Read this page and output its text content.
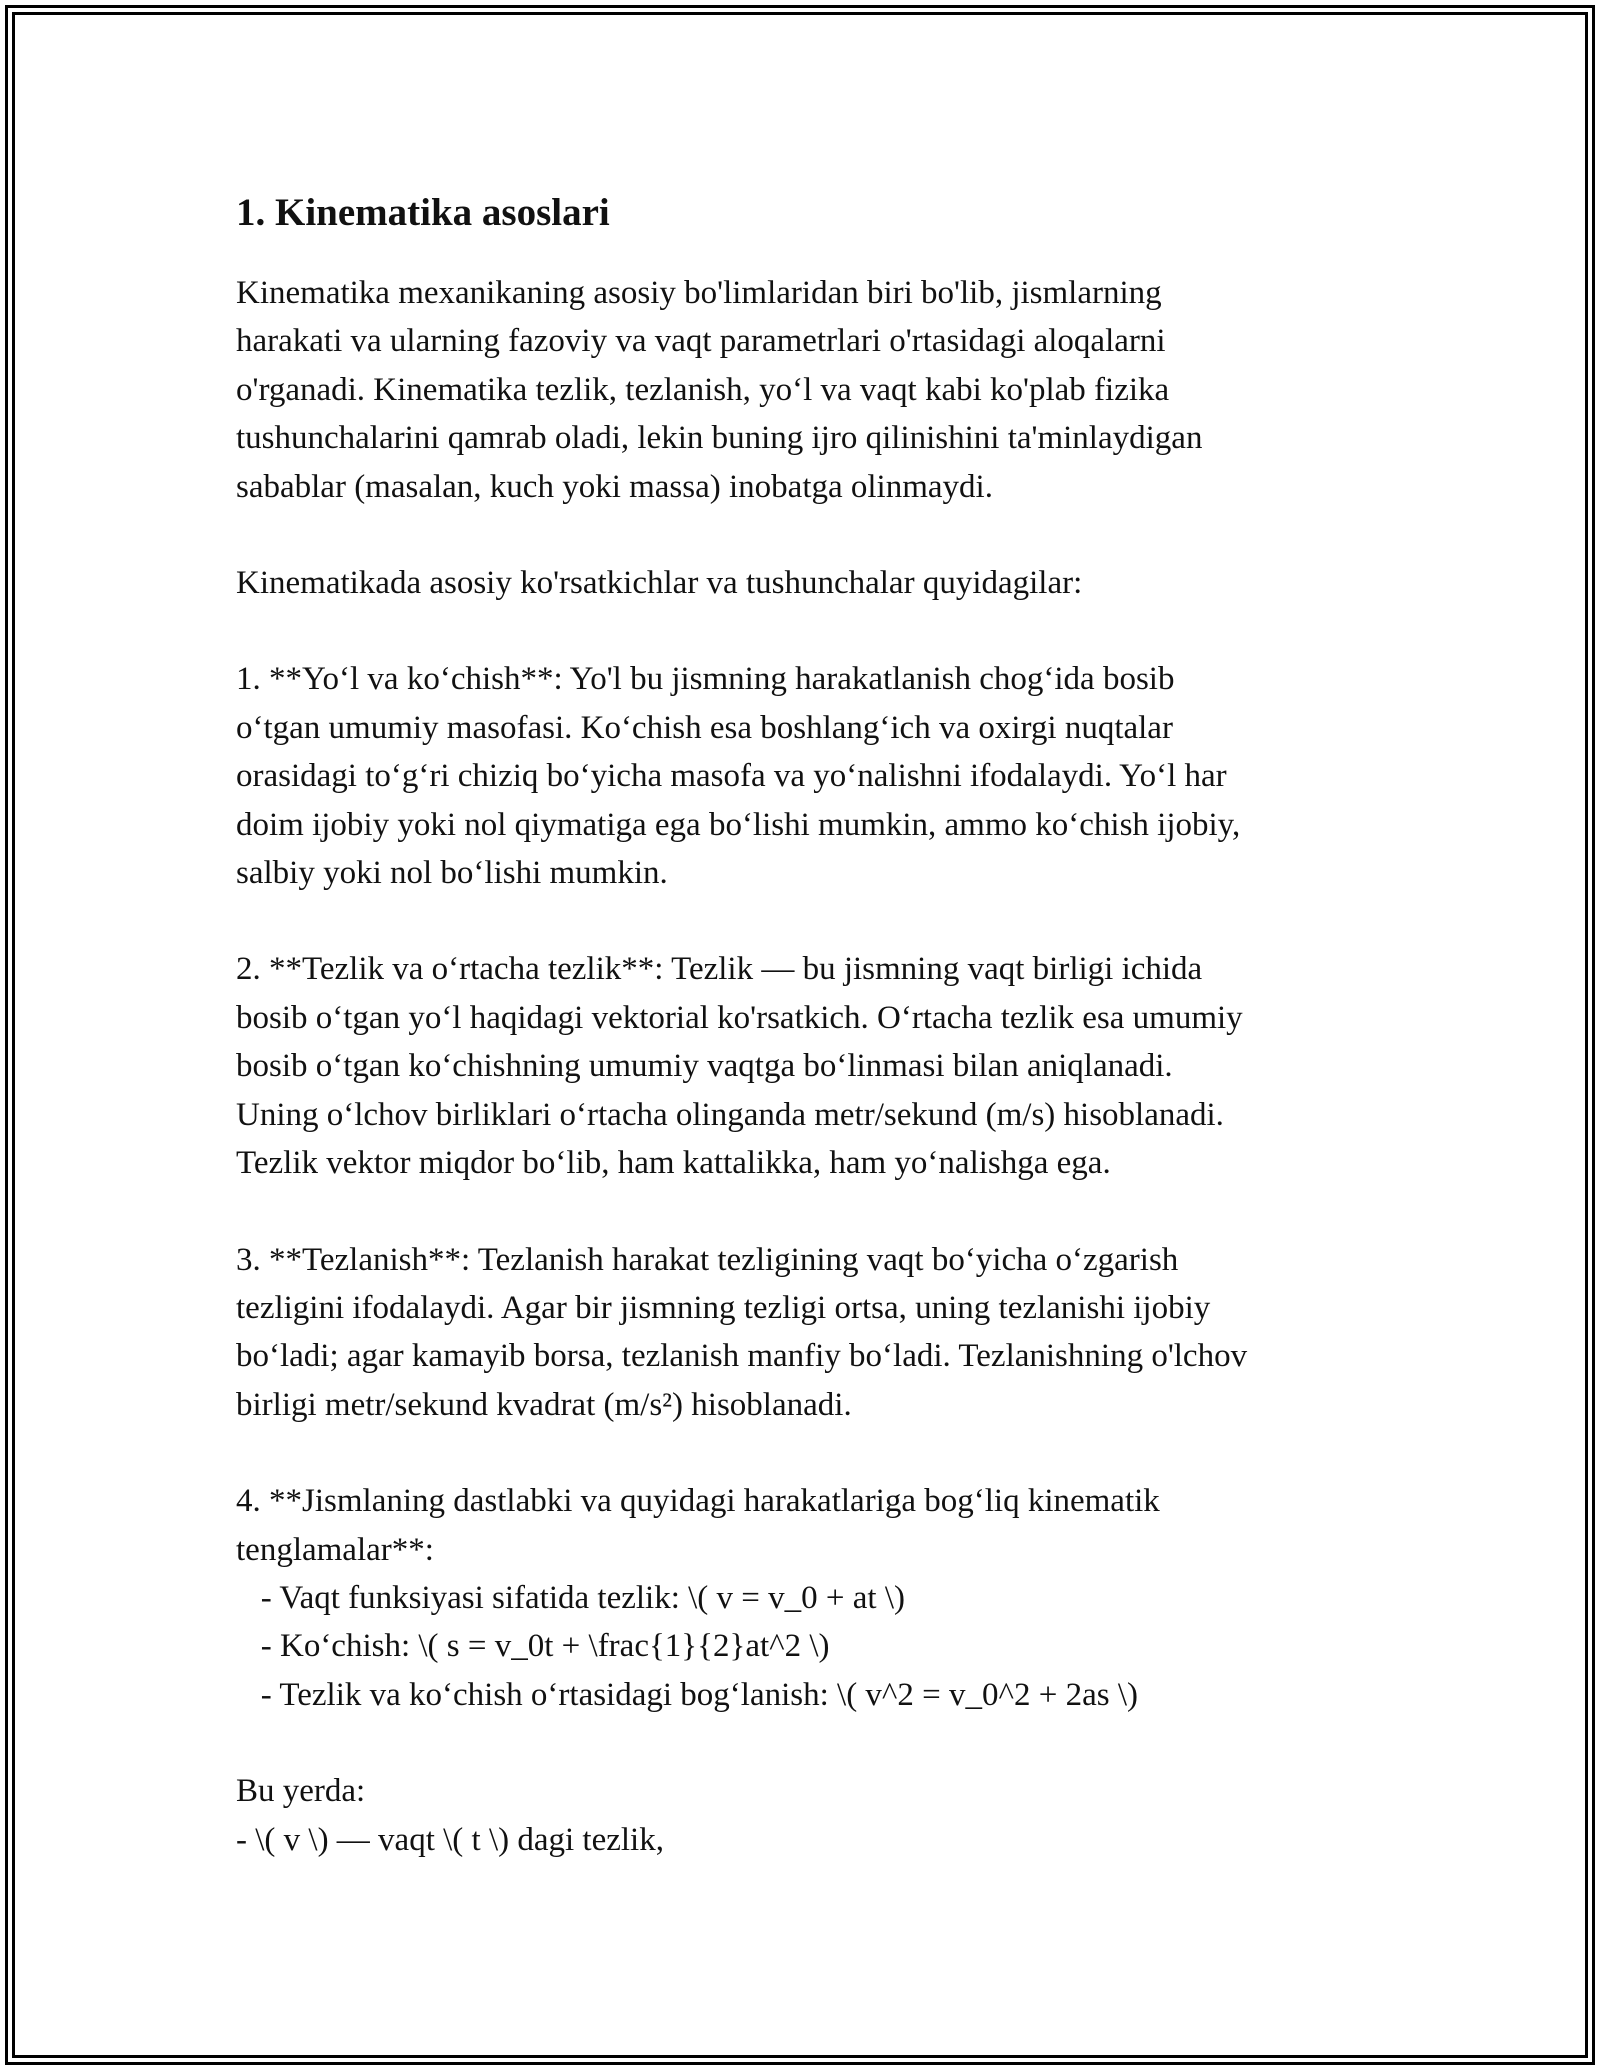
1. Kinematika asoslari

Kinematika mexanikaning asosiy bo'limlaridan biri bo'lib, jismlarning
harakati va ularning fazoviy va vaqt parametrlari o'rtasidagi aloqalarni
o'rganadi. Kinematika tezlik, tezlanish, yo‘l va vaqt kabi ko'plab fizika
tushunchalarini qamrab oladi, lekin buning ijro qilinishini ta'minlaydigan
sabablar (masalan, kuch yoki massa) inobatga olinmaydi.

Kinematikada asosiy ko'rsatkichlar va tushunchalar quyidagilar:

1. **Yo‘l va ko‘chish**: Yo'l bu jismning harakatlanish chog‘ida bosib
o‘tgan umumiy masofasi. Ko‘chish esa boshlang‘ich va oxirgi nuqtalar
orasidagi to‘g‘ri chiziq bo‘yicha masofa va yo‘nalishni ifodalaydi. Yo‘l har
doim ijobiy yoki nol qiymatiga ega bo‘lishi mumkin, ammo ko‘chish ijobiy,
salbiy yoki nol bo‘lishi mumkin.

2. **Tezlik va o‘rtacha tezlik**: Tezlik — bu jismning vaqt birligi ichida
bosib o‘tgan yo‘l haqidagi vektorial ko'rsatkich. O‘rtacha tezlik esa umumiy
bosib o‘tgan ko‘chishning umumiy vaqtga bo‘linmasi bilan aniqlanadi.
Uning o‘lchov birliklari o‘rtacha olinganda metr/sekund (m/s) hisoblanadi.
Tezlik vektor miqdor bo‘lib, ham kattalikka, ham yo‘nalishga ega.

3. **Tezlanish**: Tezlanish harakat tezligining vaqt bo‘yicha o‘zgarish
tezligini ifodalaydi. Agar bir jismning tezligi ortsa, uning tezlanishi ijobiy
bo‘ladi; agar kamayib borsa, tezlanish manfiy bo‘ladi. Tezlanishning o'lchov
birligi metr/sekund kvadrat (m/s²) hisoblanadi.

4. **Jismlaning dastlabki va quyidagi harakatlariga bog‘liq kinematik
tenglamalar**:
- Vaqt funksiyasi sifatida tezlik: \( v = v_0 + at \)
- Ko‘chish: \( s = v_0t + \frac{1}{2}at^2 \)
- Tezlik va ko‘chish o‘rtasidagi bog‘lanish: \( v^2 = v_0^2 + 2as \)

Bu yerda:
- \( v \) — vaqt \( t \) dagi tezlik,
